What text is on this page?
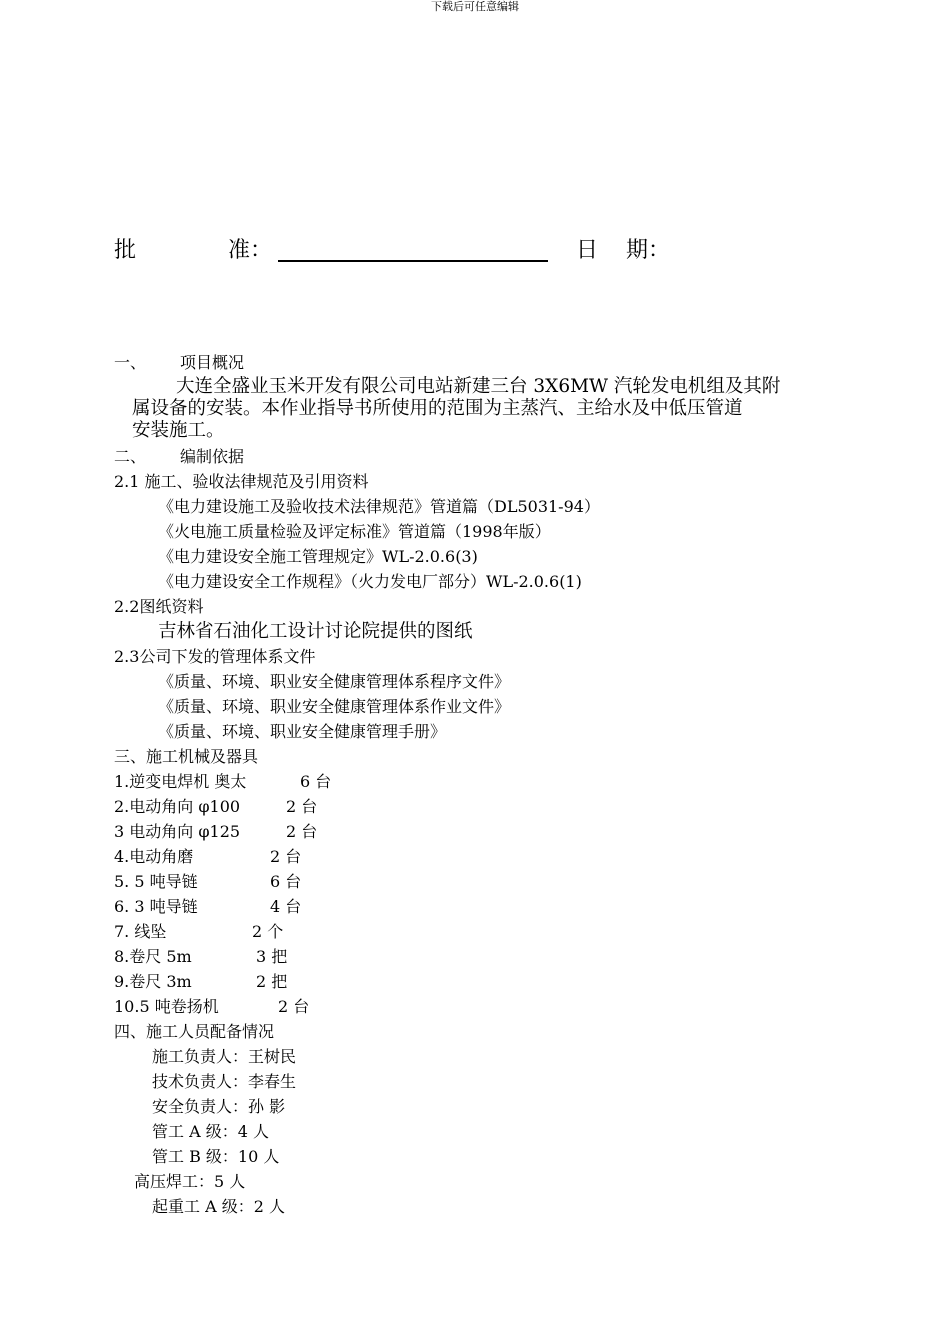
下载后可任意编辑
批	准：	日 期：
一、 项目概况
大连全盛业玉米开发有限公司电站新建三台 3X6MW 汽轮发电机组及其附
属设备的安装。本作业指导书所使用的范围为主蒸汽、主给水及中低压管道
安装施工。
二、 编制依据
2.1 施工、验收法律规范及引用资料
《电力建设施工及验收技术法律规范》管道篇（DL5031-94）
《火电施工质量检验及评定标准》管道篇（1998年版）
《电力建设安全施工管理规定》WL-2.0.6(3)
《电力建设安全工作规程》（火力发电厂部分）WL-2.0.6(1)
2.2图纸资料
吉林省石油化工设计讨论院提供的图纸
2.3公司下发的管理体系文件
《质量、环境、职业安全健康管理体系程序文件》
《质量、环境、职业安全健康管理体系作业文件》
《质量、环境、职业安全健康管理手册》
三、施工机械及器具
1.逆变电焊机 奥太	6 台
2.电动角向 φ100	2 台
3 电动角向 φ125	2 台
4.电动角磨	2 台
5. 5 吨导链	6 台
6. 3 吨导链	4 台
7. 线坠	2 个
8.卷尺 5m	3 把
9.卷尺 3m	2 把
10.5 吨卷扬机	2 台
四、施工人员配备情况
施工负责人：王树民
技术负责人：李春生
安全负责人：孙 影
管工 A 级：4 人
管工 B 级：10 人
高压焊工：5 人
起重工 A 级：2 人
